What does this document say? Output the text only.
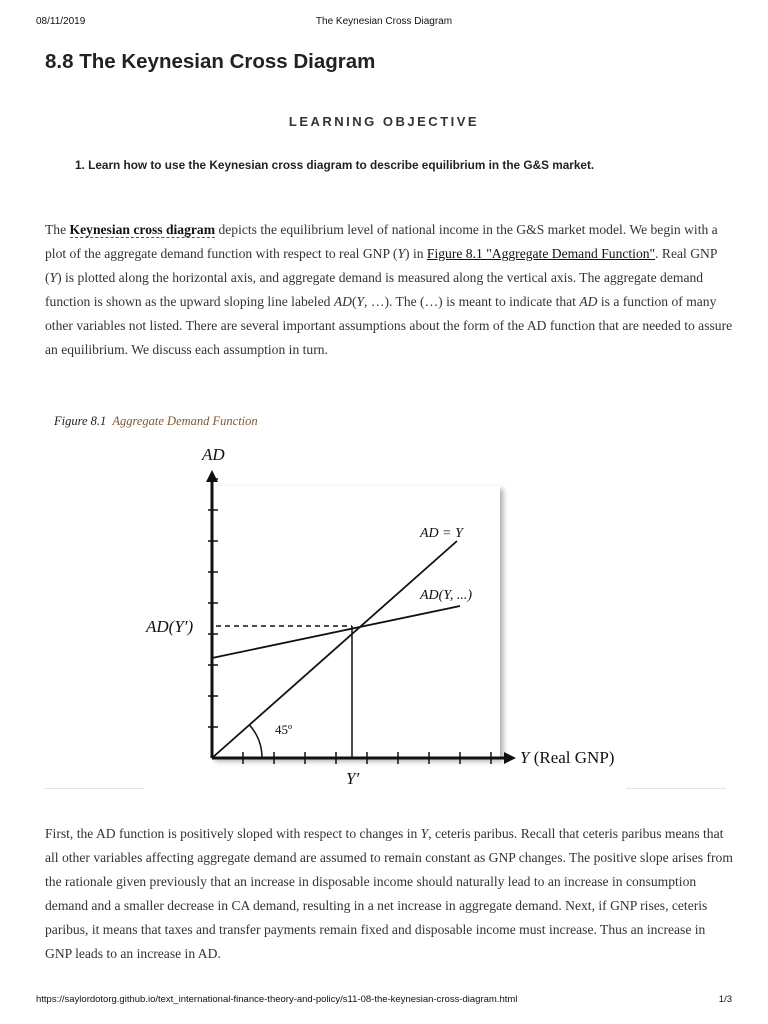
08/11/2019	The Keynesian Cross Diagram
8.8 The Keynesian Cross Diagram
LEARNING OBJECTIVE

1. Learn how to use the Keynesian cross diagram to describe equilibrium in the G&S market.

The Keynesian cross diagram depicts the equilibrium level of national income in the G&S market model. We begin with a plot of the aggregate demand function with respect to real GNP (Y) in Figure 8.1 "Aggregate Demand Function". Real GNP (Y) is plotted along the horizontal axis, and aggregate demand is measured along the vertical axis. The aggregate demand function is shown as the upward sloping line labeled AD(Y, …). The (…) is meant to indicate that AD is a function of many other variables not listed. There are several important assumptions about the form of the AD function that are needed to assure an equilibrium. We discuss each assumption in turn.

Figure 8.1 Aggregate Demand Function
AD
Y (Real GNP)
AD = Y
AD(Y, ...)
AD(Y′)
Y′
45º

First, the AD function is positively sloped with respect to changes in Y, ceteris paribus. Recall that ceteris paribus means that all other variables affecting aggregate demand are assumed to remain constant as GNP changes. The positive slope arises from the rationale given previously that an increase in disposable income should naturally lead to an increase in consumption demand and a smaller decrease in CA demand, resulting in a net increase in aggregate demand. Next, if GNP rises, ceteris paribus, it means that taxes and transfer payments remain fixed and disposable income must increase. Thus an increase in GNP leads to an increase in AD.

https://saylordotorg.github.io/text_international-finance-theory-and-policy/s11-08-the-keynesian-cross-diagram.html	1/3
